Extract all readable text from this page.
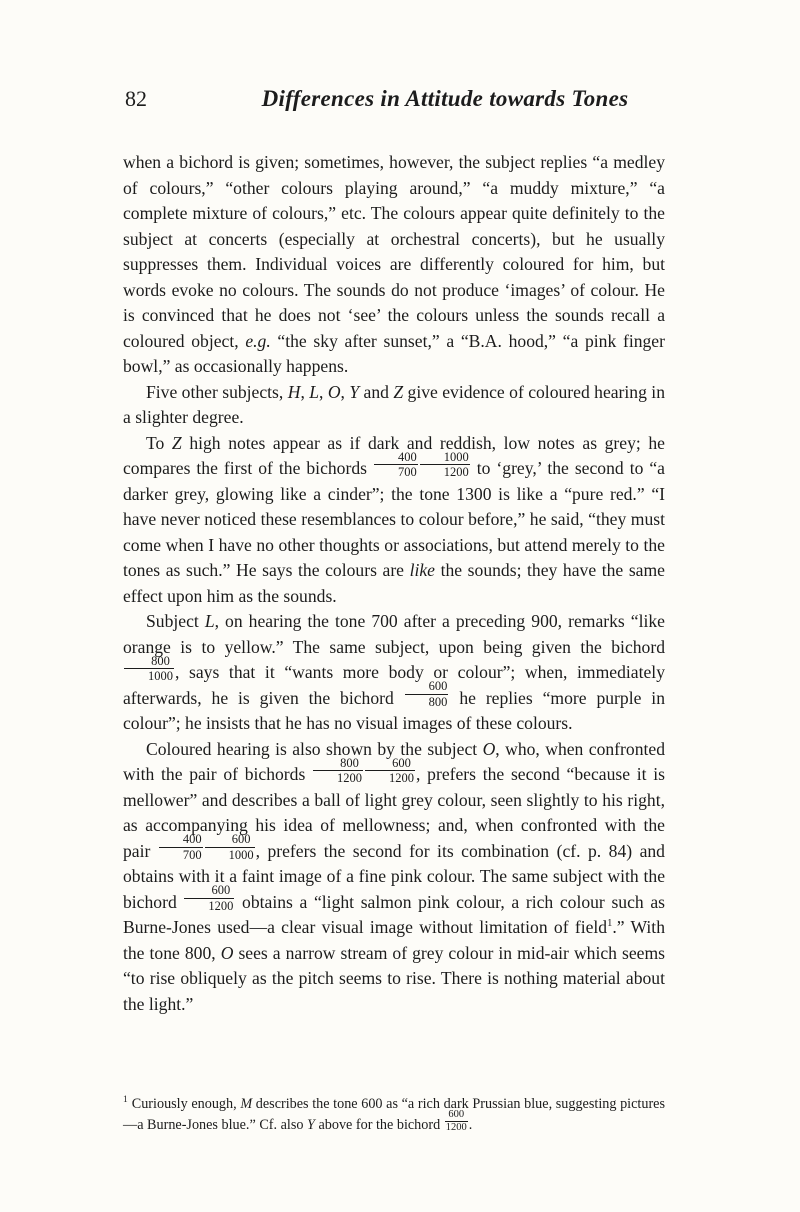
82	Differences in Attitude towards Tones

when a bichord is given; sometimes, however, the subject replies “a medley of colours,” “other colours playing around,” “a muddy mixture,” “a complete mixture of colours,” etc. The colours appear quite definitely to the subject at concerts (especially at orchestral concerts), but he usually suppresses them. Individual voices are differently coloured for him, but words evoke no colours. The sounds do not produce ‘images’ of colour. He is convinced that he does not ‘see’ the colours unless the sounds recall a coloured object, e.g. “the sky after sunset,” a “B.A. hood,” “a pink finger bowl,” as occasionally happens.

Five other subjects, H, L, O, Y and Z give evidence of coloured hearing in a slighter degree.

To Z high notes appear as if dark and reddish, low notes as grey; he compares the first of the bichords $\frac{400}{700} \frac{1000}{1200}$ to ‘grey,’ the second to “a darker grey, glowing like a cinder”; the tone 1300 is like a “pure red.” “I have never noticed these resemblances to colour before,” he said, “they must come when I have no other thoughts or associations, but attend merely to the tones as such.” He says the colours are like the sounds; they have the same effect upon him as the sounds.

Subject L, on hearing the tone 700 after a preceding 900, remarks “like orange is to yellow.” The same subject, upon being given the bichord
$\frac{800}{1000}$ , says that it “wants more body or colour”; when, immediately afterwards, he is given the bichord $\frac{600}{800}$ he replies “more purple in colour”; he insists that he has no visual images of these colours.

Coloured hearing is also shown by the subject O, who, when confronted with the pair of bichords $\frac{800}{1200} \frac{600}{1200}$ , prefers the second “because it is mellower” and describes a ball of light grey colour, seen slightly to his right, as accompanying his idea of mellowness; and, when confronted with the pair $\frac{400}{700} \frac{600}{1000}$ , prefers the second for its combination (cf. p. 84) and obtains with it a faint image of a fine pink colour. The same subject with the bichord $\frac{600}{1200}$ obtains a “light salmon pink colour, a rich colour such as Burne-Jones used—a clear visual image without limitation of field$^1$.” With the tone 800, O sees a narrow stream of grey colour in mid-air which seems “to rise obliquely as the pitch seems to rise. There is nothing material about the light.”

$^1$ Curiously enough, M describes the tone 600 as “a rich dark Prussian blue, suggesting pictures—a Burne-Jones blue.” Cf. also Y above for the bichord $\frac{600}{1200}$ .
